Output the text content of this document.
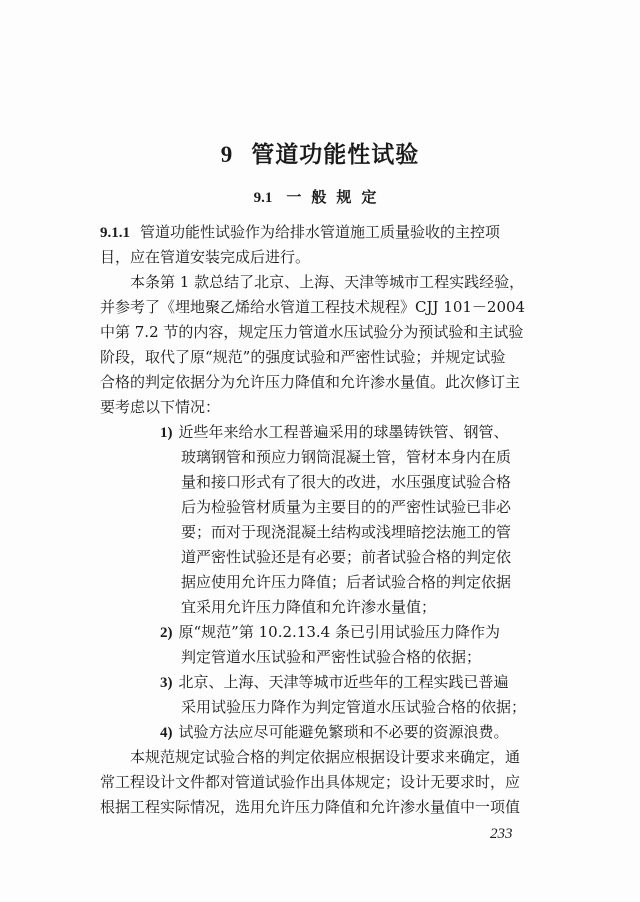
9 管道功能性试验
9.1 一般规定
9.1.1 管道功能性试验作为给排水管道施工质量验收的主控项
目，应在管道安装完成后进行。
本条第 1 款总结了北京、上海、天津等城市工程实践经验，
并参考了《埋地聚乙烯给水管道工程技术规程》CJJ 101－2004
中第 7.2 节的内容，规定压力管道水压试验分为预试验和主试验
阶段，取代了原“规范”的强度试验和严密性试验；并规定试验
合格的判定依据分为允许压力降值和允许渗水量值。此次修订主
要考虑以下情况：
1) 近些年来给水工程普遍采用的球墨铸铁管、钢管、
玻璃钢管和预应力钢筒混凝土管，管材本身内在质
量和接口形式有了很大的改进，水压强度试验合格
后为检验管材质量为主要目的的严密性试验已非必
要；而对于现浇混凝土结构或浅埋暗挖法施工的管
道严密性试验还是有必要；前者试验合格的判定依
据应使用允许压力降值；后者试验合格的判定依据
宜采用允许压力降值和允许渗水量值；
2) 原“规范”第 10.2.13.4 条已引用试验压力降作为
判定管道水压试验和严密性试验合格的依据；
3) 北京、上海、天津等城市近些年的工程实践已普遍
采用试验压力降作为判定管道水压试验合格的依据；
4) 试验方法应尽可能避免繁琐和不必要的资源浪费。
本规范规定试验合格的判定依据应根据设计要求来确定，通
常工程设计文件都对管道试验作出具体规定；设计无要求时，应
根据工程实际情况，选用允许压力降值和允许渗水量值中一项值
233
